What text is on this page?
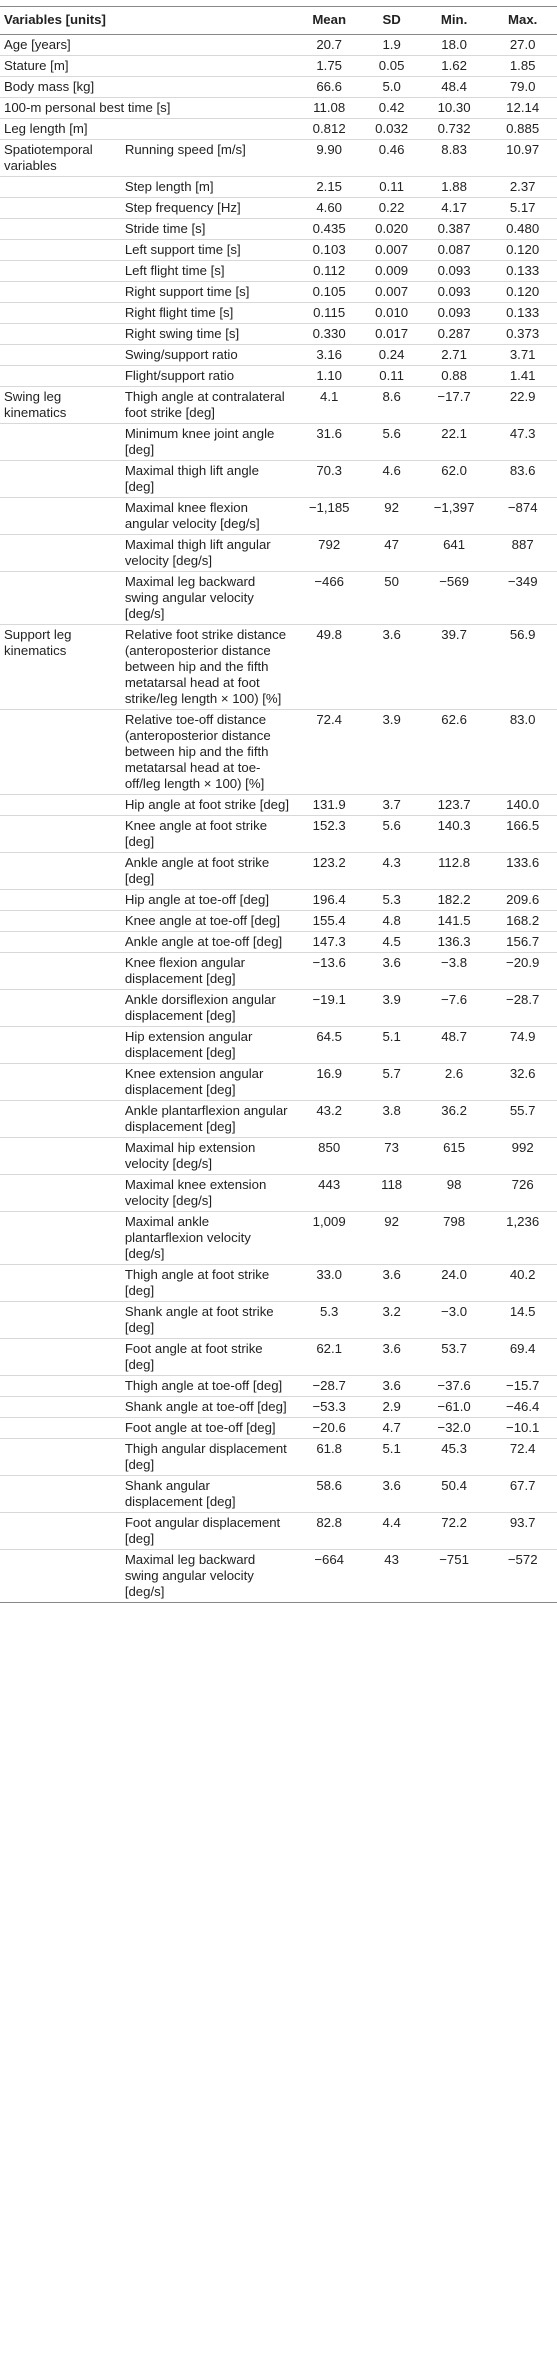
Variables [units]		Mean	SD	Min.	Max.
Age [years]		20.7	1.9	18.0	27.0
Stature [m]		1.75	0.05	1.62	1.85
Body mass [kg]		66.6	5.0	48.4	79.0
100-m personal best time [s]		11.08	0.42	10.30	12.14
Leg length [m]		0.812	0.032	0.732	0.885
Spatiotemporal variables	Running speed [m/s]	9.90	0.46	8.83	10.97
	Step length [m]	2.15	0.11	1.88	2.37
	Step frequency [Hz]	4.60	0.22	4.17	5.17
	Stride time [s]	0.435	0.020	0.387	0.480
	Left support time [s]	0.103	0.007	0.087	0.120
	Left flight time [s]	0.112	0.009	0.093	0.133
	Right support time [s]	0.105	0.007	0.093	0.120
	Right flight time [s]	0.115	0.010	0.093	0.133
	Right swing time [s]	0.330	0.017	0.287	0.373
	Swing/support ratio	3.16	0.24	2.71	3.71
	Flight/support ratio	1.10	0.11	0.88	1.41
Swing leg kinematics	Thigh angle at contralateral foot strike [deg]	4.1	8.6	−17.7	22.9
	Minimum knee joint angle [deg]	31.6	5.6	22.1	47.3
	Maximal thigh lift angle [deg]	70.3	4.6	62.0	83.6
	Maximal knee flexion angular velocity [deg/s]	−1,185	92	−1,397	−874
	Maximal thigh lift angular velocity [deg/s]	792	47	641	887
	Maximal leg backward swing angular velocity [deg/s]	−466	50	−569	−349
Support leg kinematics	Relative foot strike distance (anteroposterior distance between hip and the fifth metatarsal head at foot strike/leg length × 100) [%]	49.8	3.6	39.7	56.9
	Relative toe-off distance (anteroposterior distance between hip and the fifth metatarsal head at toe-off/leg length × 100) [%]	72.4	3.9	62.6	83.0
	Hip angle at foot strike [deg]	131.9	3.7	123.7	140.0
	Knee angle at foot strike [deg]	152.3	5.6	140.3	166.5
	Ankle angle at foot strike [deg]	123.2	4.3	112.8	133.6
	Hip angle at toe-off [deg]	196.4	5.3	182.2	209.6
	Knee angle at toe-off [deg]	155.4	4.8	141.5	168.2
	Ankle angle at toe-off [deg]	147.3	4.5	136.3	156.7
	Knee flexion angular displacement [deg]	−13.6	3.6	−3.8	−20.9
	Ankle dorsiflexion angular displacement [deg]	−19.1	3.9	−7.6	−28.7
	Hip extension angular displacement [deg]	64.5	5.1	48.7	74.9
	Knee extension angular displacement [deg]	16.9	5.7	2.6	32.6
	Ankle plantarflexion angular displacement [deg]	43.2	3.8	36.2	55.7
	Maximal hip extension velocity [deg/s]	850	73	615	992
	Maximal knee extension velocity [deg/s]	443	118	98	726
	Maximal ankle plantarflexion velocity [deg/s]	1,009	92	798	1,236
	Thigh angle at foot strike [deg]	33.0	3.6	24.0	40.2
	Shank angle at foot strike [deg]	5.3	3.2	−3.0	14.5
	Foot angle at foot strike [deg]	62.1	3.6	53.7	69.4
	Thigh angle at toe-off [deg]	−28.7	3.6	−37.6	−15.7
	Shank angle at toe-off [deg]	−53.3	2.9	−61.0	−46.4
	Foot angle at toe-off [deg]	−20.6	4.7	−32.0	−10.1
	Thigh angular displacement [deg]	61.8	5.1	45.3	72.4
	Shank angular displacement [deg]	58.6	3.6	50.4	67.7
	Foot angular displacement [deg]	82.8	4.4	72.2	93.7
	Maximal leg backward swing angular velocity [deg/s]	−664	43	−751	−572
